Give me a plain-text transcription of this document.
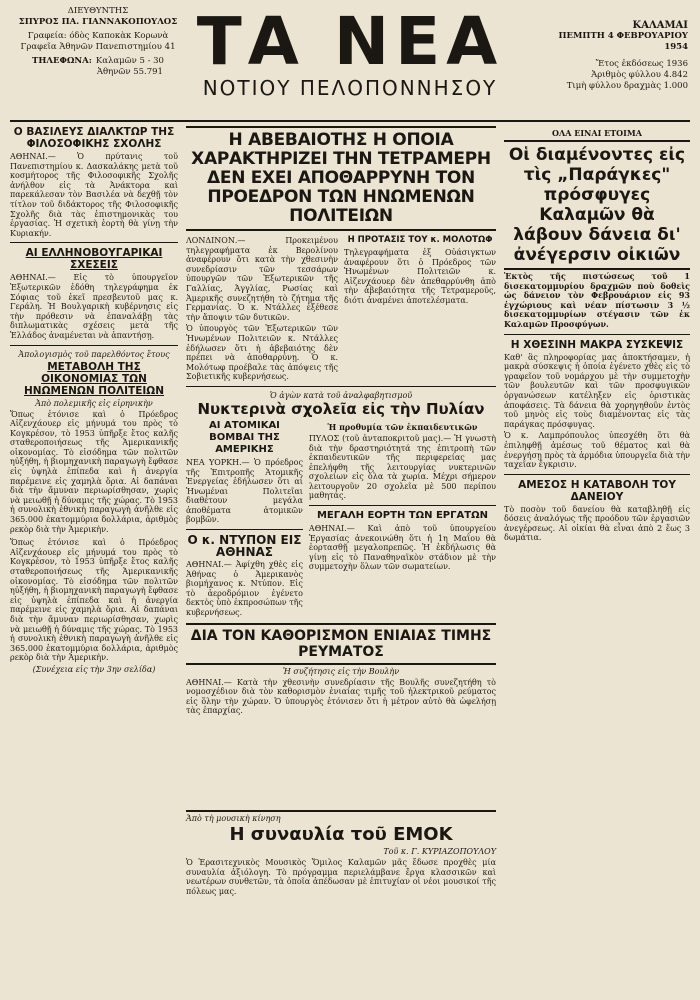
ΔΙΕΥΘΥΝΤΗΣ
ΣΠΥΡΟΣ ΠΑ. ΓΙΑΝΝΑΚΟΠΟΥΛΟΣ
Γραφεία: όδὸς Καποκὰκ Κορωνὰ
Γραφεῖα Ἀθηνῶν Πανεπιστημίου 41
ΤΗΛΕΦΩΝΑ: Καλαμῶν 5 - 30
Ἀθηνῶν 55.791 ΤΑ ΝΕΑ
ΝΟΤΙΟΥ ΠΕΛΟΠΟΝΝΗΣΟΥ
ΚΑΛΑΜΑΙ
ΠΕΜΠΤΗ 4 ΦΕΒΡΟΥΑΡΙΟΥ 1954
Ἔτος ἐκδόσεως 1936
Ἀριθμὸς φύλλου 4.842
Τιμὴ φύλλου δραχμὰς 1.000
Ο ΒΑΣΙΛΕΥΣ ΔΙΑΛΚΤΩΡ ΤΗΣ ΦΙΛΟΣΟΦΙΚΗΣ ΣΧΟΛΗΣ

ΑΘΗΝΑΙ.— Ὁ πρύτανις τοῦ Πανεπιστημίου κ. Δασκαλάκης μετὰ τοῦ κοσμήτορος τῆς Φιλοσοφικῆς Σχολῆς ἀνήλθον εἰς τὰ Ἀνάκτορα καὶ παρεκάλεσαν τὸν Βασιλέα νὰ δεχθῇ τὸν τίτλον τοῦ διδάκτορος τῆς Φιλοσοφικῆς Σχολῆς διὰ τὰς ἐπιστημονικὰς του ἐργασίας. Ἡ σχετικὴ ἑορτὴ θὰ γίνῃ τὴν Κυριακήν.

ΑΙ ΕΛΛΗΝΟΒΟΥΓΑΡΙΚΑΙ ΣΧΕΣΕΙΣ

ΑΘΗΝΑΙ.— Εἰς τὸ ὑπουργεῖον Ἐξωτερικῶν ἐδόθη τηλεγράφημα ἐκ Σόφιας τοῦ ἐκεῖ πρεσβευτοῦ μας κ. Γεράλη. Ἡ Βουλγαρικὴ κυβέρνησις εἰς τὴν πρόθεσιν νὰ ἐπαναλάβῃ τὰς διπλωματικὰς σχέσεις μετὰ τῆς Ἑλλάδος ἀναμένεται νὰ ἀπαντήσῃ.

Ἀπολογισμὸς τοῦ παρελθόντος ἔτους
ΜΕΤΑΒΟΛΗ ΤΗΣ ΟΙΚΟΝΟΜΙΑΣ ΤΩΝ ΗΝΩΜΕΝΩΝ ΠΟΛΙΤΕΙΩΝ
Ἀπὸ πολεμικῆς εἰς εἰρηνικὴν

Ὅπως ἐτόνισε καὶ ὁ Πρόεδρος Αἰζενχάουερ εἰς μήνυμά του πρὸς τὸ Κογκρέσον, τὸ 1953 ὑπῆρξε ἔτος καλῆς σταθεροποιήσεως τῆς Ἀμερικανικῆς οἰκονομίας. Τὸ εἰσόδημα τῶν πολιτῶν ηὐξήθη, ἡ βιομηχανικὴ παραγωγὴ ἔφθασε εἰς ὑψηλὰ ἐπίπεδα καὶ ἡ ἀνεργία παρέμεινε εἰς χαμηλὰ ὅρια. Αἱ δαπάναι διὰ τὴν ἄμυναν περιωρίσθησαν, χωρὶς νὰ μειωθῇ ἡ δύναμις τῆς χώρας. Τὸ 1953 ἡ συνολικὴ ἐθνικὴ παραγωγὴ ἀνῆλθε εἰς 365.000 ἑκατομμύρια δολλάρια, ἀριθμὸς ρεκὸρ διὰ τὴν Ἀμερικὴν.

Ὅπως ἐτόνισε καὶ ὁ Πρόεδρος Αἰζενχάουερ εἰς μήνυμά του πρὸς τὸ Κογκρέσον, τὸ 1953 ὑπῆρξε ἔτος καλῆς σταθεροποιήσεως τῆς Ἀμερικανικῆς οἰκονομίας. Τὸ εἰσόδημα τῶν πολιτῶν ηὐξήθη, ἡ βιομηχανικὴ παραγωγὴ ἔφθασε εἰς ὑψηλὰ ἐπίπεδα καὶ ἡ ἀνεργία παρέμεινε εἰς χαμηλὰ ὅρια. Αἱ δαπάναι διὰ τὴν ἄμυναν περιωρίσθησαν, χωρὶς νὰ μειωθῇ ἡ δύναμις τῆς χώρας. Τὸ 1953 ἡ συνολικὴ ἐθνικὴ παραγωγὴ ἀνῆλθε εἰς 365.000 ἑκατομμύρια δολλάρια, ἀριθμὸς ρεκὸρ διὰ τὴν Ἀμερικὴν.

(Συνέχεια εἰς τὴν 3ην σελίδα)
Η ΑΒΕΒΑΙΟΤΗΣ Η ΟΠΟΙΑ ΧΑΡΑΚΤΗΡΙΖΕΙ ΤΗΝ ΤΕΤΡΑΜΕΡΗ ΔΕΝ ΕΧΕΙ ΑΠΟΘΑΡΡΥΝΗ ΤΟΝ ΠΡΟΕΔΡΟΝ ΤΩΝ ΗΝΩΜΕΝΩΝ ΠΟΛΙΤΕΙΩΝ

ΛΟΝΔΙΝΟΝ.— Προκειμένου τηλεγραφήματα ἐκ Βερολίνου ἀναφέρουν ὅτι κατὰ τὴν χθεσινὴν συνεδρίασιν τῶν τεσσάρων ὑπουργῶν τῶν Ἐξωτερικῶν τῆς Γαλλίας, Ἀγγλίας, Ρωσίας καὶ Ἀμερικῆς συνεζητήθη τὸ ζήτημα τῆς Γερμανίας. Ὁ κ. Ντάλλες ἐξέθεσε τὴν ἄποψιν τῶν δυτικῶν.

Ὁ ὑπουργὸς τῶν Ἐξωτερικῶν τῶν Ἡνωμένων Πολιτειῶν κ. Ντάλλες ἐδήλωσεν ὅτι ἡ ἀβεβαιότης δὲν πρέπει νὰ ἀποθαρρύνῃ. Ὁ κ. Μολότωφ προέβαλε τὰς ἀπόψεις τῆς Σοβιετικῆς κυβερνήσεως.

Η ΠΡΟΤΑΣΙΣ ΤΟΥ κ. ΜΟΛΟΤΩΦ

Τηλεγραφήματα ἐξ Οὐάσιγκτων ἀναφέρουν ὅτι ὁ Πρόεδρος τῶν Ἡνωμένων Πολιτειῶν κ. Αἰζενχάουερ δὲν ἀπεθαρρύνθη ἀπὸ τὴν ἀβεβαιότητα τῆς Τετραμεροῦς, διότι ἀναμένει ἀποτελέσματα.

Ὁ ἀγὼν κατὰ τοῦ ἀναλφαβητισμοῦ
Νυκτερινὰ σχολεῖα εἰς τὴν Πυλίαν
ΑΙ ΑΤΟΜΙΚΑΙ ΒΟΜΒΑΙ ΤΗΣ ΑΜΕΡΙΚΗΣ

ΝΕΑ ΥΟΡΚΗ.— Ὁ πρόεδρος τῆς Ἐπιτροπῆς Ἀτομικῆς Ἐνεργείας ἐδήλωσεν ὅτι αἱ Ἡνωμέναι Πολιτεῖαι διαθέτουν μεγάλα ἀποθέματα ἀτομικῶν βομβῶν.

Ο κ. ΝΤΥΠΟΝ ΕΙΣ ΑΘΗΝΑΣ

ΑΘΗΝΑΙ.— Ἀφίχθη χθὲς εἰς Ἀθήνας ὁ Ἀμερικανὸς βιομήχανος κ. Ντύπον. Εἰς τὸ ἀεροδρόμιον ἐγένετο δεκτὸς ὑπὸ ἐκπροσώπων τῆς κυβερνήσεως.

Ἡ προθυμία τῶν ἐκπαιδευτικῶν

ΠΥΛΟΣ (τοῦ ἀνταποκριτοῦ μας).— Ἡ γνωστὴ διὰ τὴν δραστηριότητά της ἐπιτροπὴ τῶν ἐκπαιδευτικῶν τῆς περιφερείας μας ἐπελήφθη τῆς λειτουργίας νυκτερινῶν σχολείων εἰς ὅλα τὰ χωρία. Μέχρι σήμερον λειτουργοῦν 20 σχολεῖα μὲ 500 περίπου μαθητάς.

ΜΕΓΑΛΗ ΕΟΡΤΗ ΤΩΝ ΕΡΓΑΤΩΝ

ΑΘΗΝΑΙ.— Καὶ ἀπὸ τοῦ ὑπουργείου Ἐργασίας ἀνεκοινώθη ὅτι ἡ 1η Μαΐου θὰ ἑορτασθῇ μεγαλοπρεπῶς. Ἡ ἐκδήλωσις θὰ γίνῃ εἰς τὸ Παναθηναϊκὸν στάδιον μὲ τὴν συμμετοχὴν ὅλων τῶν σωματείων.

ΔΙΑ ΤΟΝ ΚΑΘΟΡΙΣΜΟΝ ΕΝΙΑΙΑΣ ΤΙΜΗΣ ΡΕΥΜΑΤΟΣ
Ἡ συζήτησις εἰς τὴν Βουλὴν

ΑΘΗΝΑΙ.— Κατὰ τὴν χθεσινὴν συνεδρίασιν τῆς Βουλῆς συνεζητήθη τὸ νομοσχέδιον διὰ τὸν καθορισμὸν ἑνιαίας τιμῆς τοῦ ἠλεκτρικοῦ ρεύματος εἰς ὅλην τὴν χώραν. Ὁ ὑπουργὸς ἐτόνισεν ὅτι ἡ μέτρον αὐτὸ θὰ ὠφελήσῃ τὰς ἐπαρχίας.

ΟΛΑ ΕΙΝΑΙ ΕΤΟΙΜΑ
Οἱ διαμένοντες εἰς τὶς „Παράγκες" πρόσφυγες Καλαμῶν θὰ λάβουν δάνεια δι' ἀνέγερσιν οἰκιῶν

Ἐκτὸς τῆς πιστώσεως τοῦ 1 δισεκατομμυρίου δραχμῶν ποὺ δοθεὶς ὡς δάνειον τὸν Φεβρουάριον εἰς 93 ἐγχώριους καὶ νέαν πίστωσιν 3 ½ δισεκατομμυρίων στέγασιν τῶν ἐκ Καλαμῶν Προσφύγων.

Η ΧΘΕΣΙΝΗ ΜΑΚΡΑ ΣΥΣΚΕΨΙΣ

Καθ' ἃς πληροφορίας μας ἀποκτήσαμεν, ἡ μακρὰ σύσκεψις ἡ ὁποία ἐγένετο χθὲς εἰς τὸ γραφεῖον τοῦ νομάρχου μὲ τὴν συμμετοχὴν τῶν βουλευτῶν καὶ τῶν προσφυγικῶν ὀργανώσεων κατέληξεν εἰς ὁριστικὰς ἀποφάσεις. Τὰ δάνεια θὰ χορηγηθοῦν ἐντὸς τοῦ μηνὸς εἰς τοὺς διαμένοντας εἰς τὰς παράγκας πρόσφυγας.

Ὁ κ. Λαμπρόπουλος ὑπεσχέθη ὅτι θὰ ἐπιληφθῇ ἀμέσως τοῦ θέματος καὶ θὰ ἐνεργήσῃ πρὸς τὰ ἁρμόδια ὑπουργεῖα διὰ τὴν ταχεῖαν ἔγκρισιν.

ΑΜΕΣΟΣ Η ΚΑΤΑΒΟΛΗ ΤΟΥ ΔΑΝΕΙΟΥ

Τὸ ποσὸν τοῦ δανείου θὰ καταβληθῇ εἰς δόσεις ἀναλόγως τῆς προόδου τῶν ἐργασιῶν ἀνεγέρσεως. Αἱ οἰκίαι θὰ εἶναι ἀπὸ 2 ἕως 3 δωμάτια.

Ἀπὸ τὴ μουσικὴ κίνηση
Η συναυλία τοῦ ΕΜΟΚ
Τοῦ κ. Γ. ΚΥΡΙΑΖΟΠΟΥΛΟΥ

Ὁ Ἐρασιτεχνικὸς Μουσικὸς Ὅμιλος Καλαμῶν μᾶς ἔδωσε προχθὲς μία συναυλία ἀξιόλογη. Τὸ πρόγραμμα περιελάμβανε ἔργα κλασσικῶν καὶ νεωτέρων συνθετῶν, τὰ ὁποῖα ἀπέδωσαν μὲ ἐπιτυχίαν οἱ νέοι μουσικοί τῆς πόλεως μας.
